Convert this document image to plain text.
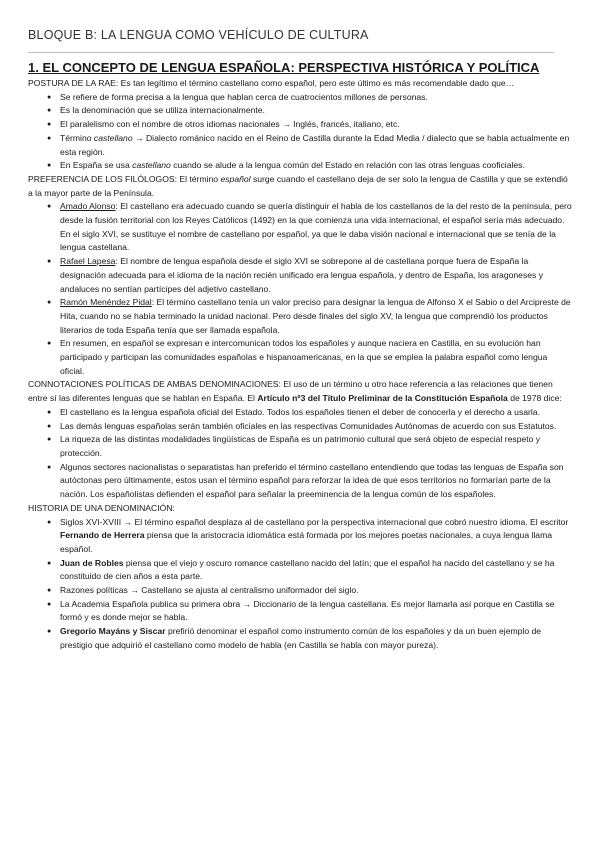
BLOQUE B: LA LENGUA COMO VEHÍCULO DE CULTURA
1. EL CONCEPTO DE LENGUA ESPAÑOLA: PERSPECTIVA HISTÓRICA Y POLÍTICA

POSTURA DE LA RAE: Es tan legítimo el término castellano como español, pero este último es más recomendable dado que…

● Se refiere de forma precisa a la lengua que hablan cerca de cuatrocientos millones de personas.
● Es la denominación que se utiliza internacionalmente.
● El paralelismo con el nombre de otros idiomas nacionales → Inglés, francés, italiano, etc.
● Término castellano → Dialecto románico nacido en el Reino de Castilla durante la Edad Media / dialecto que se habla actualmente en esta región.
● En España se usa castellano cuando se alude a la lengua común del Estado en relación con las otras lenguas cooficiales.

PREFERENCIA DE LOS FILÓLOGOS: El término español surge cuando el castellano deja de ser solo la lengua de Castilla y que se extendió a la mayor parte de la Península.

● Amado Alonso: El castellano era adecuado cuando se quería distinguir el habla de los castellanos de la del resto de la península, pero desde la fusión territorial con los Reyes Católicos (1492) en la que comienza una vida internacional, el español sería más adecuado. En el siglo XVI, se sustituye el nombre de castellano por español, ya que le daba visión nacional e internacional que se tenía de la lengua castellana.
● Rafael Lapesa: El nombre de lengua española desde el siglo XVI se sobrepone al de castellana porque fuera de España la designación adecuada para el idioma de la nación recién unificado era lengua española, y dentro de España, los aragoneses y andaluces no sentían partícipes del adjetivo castellano.
● Ramón Menéndez Pidal: El término castellano tenía un valor preciso para designar la lengua de Alfonso X el Sabio o del Arcipreste de Hita, cuando no se había terminado la unidad nacional. Pero desde finales del siglo XV, la lengua que comprendió los productos literarios de toda España tenía que ser llamada española.
● En resumen, en español se expresan e intercomunican todos los españoles y aunque naciera en Castilla, en su evolución han participado y participan las comunidades españolas e hispanoamericanas, en la que se emplea la palabra español como lengua oficial.

CONNOTACIONES POLÍTICAS DE AMBAS DENOMINACIONES: El uso de un término u otro hace referencia a las relaciones que tienen entre sí las diferentes lenguas que se hablan en España. El Artículo nº3 del Título Preliminar de la Constitución Española de 1978 dice:

● El castellano es la lengua española oficial del Estado. Todos los españoles tienen el deber de conocerla y el derecho a usarla.
● Las demás lenguas españolas serán también oficiales en las respectivas Comunidades Autónomas de acuerdo con sus Estatutos.
● La riqueza de las distintas modalidades lingüísticas de España es un patrimonio cultural que será objeto de especial respeto y protección.
● Algunos sectores nacionalistas o separatistas han preferido el término castellano entendiendo que todas las lenguas de España son autóctonas pero últimamente, estos usan el término español para reforzar la idea de que esos territorios no formarían parte de la nación. Los españolistas defienden el español para señalar la preeminencia de la lengua común de los españoles.

HISTORIA DE UNA DENOMINACIÓN:

● Siglos XVI-XVIII → El término español desplaza al de castellano por la perspectiva internacional que cobró nuestro idioma. El escritor Fernando de Herrera piensa que la aristocracia idiomática está formada por los mejores poetas nacionales, a cuya lengua llama español.
● Juan de Robles piensa que el viejo y oscuro romance castellano nacido del latín; que el español ha nacido del castellano y se ha constituido de cien años a esta parte.
● Razones políticas → Castellano se ajusta al centralismo uniformador del siglo.
● La Academia Española publica su primera obra → Diccionario de la lengua castellana. Es mejor llamarla así porque en Castilla se formó y es donde mejor se habla.
● Gregorio Mayáns y Siscar prefirió denominar el español como instrumento común de los españoles y da un buen ejemplo de prestigio que adquirió el castellano como modelo de habla (en Castilla se habla con mayor pureza).
